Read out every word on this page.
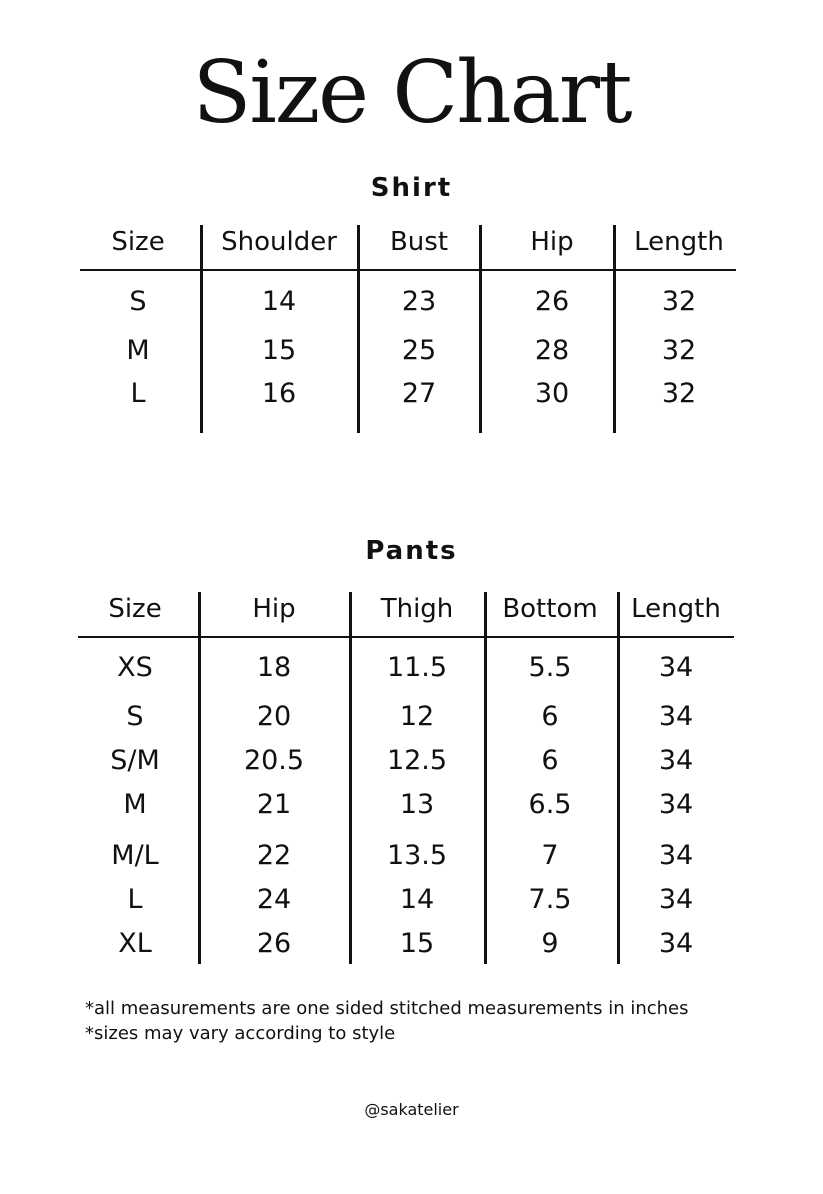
Size Chart
Shirt
Size	Shoulder	Bust	Hip	Length
S	14	23	26	32
M	15	25	28	32
L	16	27	30	32
Pants
Size	Hip	Thigh	Bottom	Length
XS	18	11.5	5.5	34
S	20	12	6	34
S/M	20.5	12.5	6	34
M	21	13	6.5	34
M/L	22	13.5	7	34
L	24	14	7.5	34
XL	26	15	9	34
*all measurements are one sided stitched measurements in inches
*sizes may vary according to style
@sakatelier
